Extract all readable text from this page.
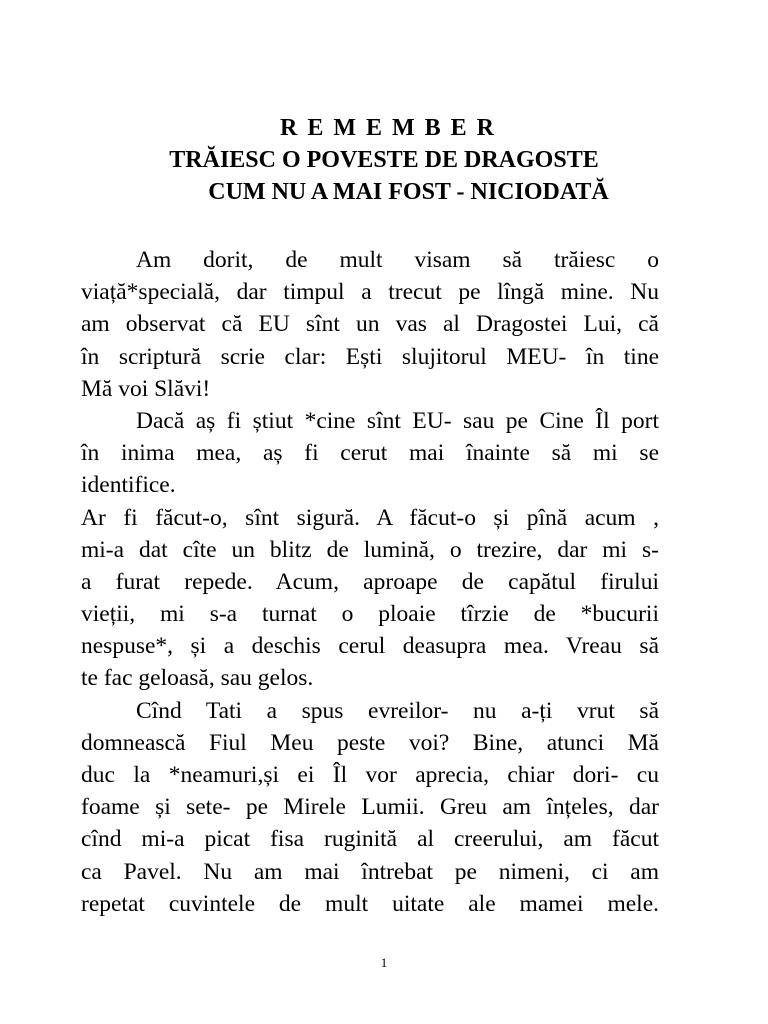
R E M E M B E R
TRĂIESC O POVESTE DE DRAGOSTE
CUM NU A MAI FOST - NICIODATĂ

Am dorit, de mult visam să trăiesc o
viață*specială, dar timpul a trecut pe lîngă mine. Nu
am observat că EU sînt un vas al Dragostei Lui, că
în scriptură scrie clar: Ești slujitorul MEU- în tine
Mă voi Slăvi!

Dacă aș fi știut *cine sînt EU- sau pe Cine Îl port
în inima mea, aș fi cerut mai înainte să mi se
identifice.

Ar fi făcut-o, sînt sigură. A făcut-o și pînă acum ,
mi-a dat cîte un blitz de lumină, o trezire, dar mi s-
a furat repede. Acum, aproape de capătul firului
vieții, mi s-a turnat o ploaie tîrzie de *bucurii
nespuse*, și a deschis cerul deasupra mea. Vreau să
te fac geloasă, sau gelos.

Cînd Tati a spus evreilor- nu a-ți vrut să
domnească Fiul Meu peste voi? Bine, atunci Mă
duc la *neamuri,și ei Îl vor aprecia, chiar dori- cu
foame și sete- pe Mirele Lumii. Greu am înțeles, dar
cînd mi-a picat fisa ruginită al creerului, am făcut
ca Pavel. Nu am mai întrebat pe nimeni, ci am
repetat cuvintele de mult uitate ale mamei mele.

1
